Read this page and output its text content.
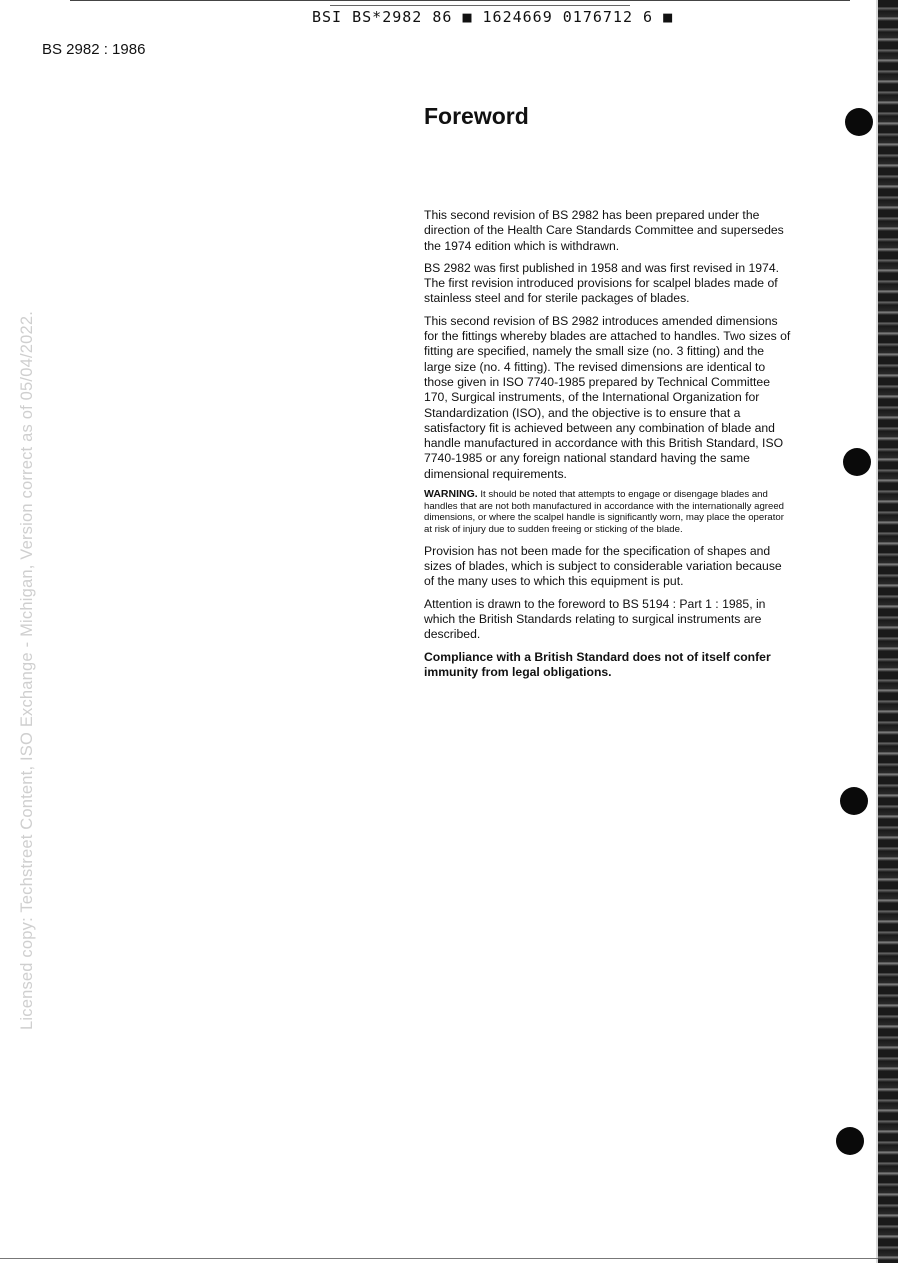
BSI BS*2982 86 ■ 1624669 0176712 6 ■
BS 2982 : 1986
Foreword

This second revision of BS 2982 has been prepared under the direction of the Health Care Standards Committee and supersedes the 1974 edition which is withdrawn.

BS 2982 was first published in 1958 and was first revised in 1974. The first revision introduced provisions for scalpel blades made of stainless steel and for sterile packages of blades.

This second revision of BS 2982 introduces amended dimensions for the fittings whereby blades are attached to handles. Two sizes of fitting are specified, namely the small size (no. 3 fitting) and the large size (no. 4 fitting). The revised dimensions are identical to those given in ISO 7740-1985 prepared by Technical Committee 170, Surgical instruments, of the International Organization for Standardization (ISO), and the objective is to ensure that a satisfactory fit is achieved between any combination of blade and handle manufactured in accordance with this British Standard, ISO 7740-1985 or any foreign national standard having the same dimensional requirements.

WARNING. It should be noted that attempts to engage or disengage blades and handles that are not both manufactured in accordance with the internationally agreed dimensions, or where the scalpel handle is significantly worn, may place the operator at risk of injury due to sudden freeing or sticking of the blade.

Provision has not been made for the specification of shapes and sizes of blades, which is subject to considerable variation because of the many uses to which this equipment is put.

Attention is drawn to the foreword to BS 5194 : Part 1 : 1985, in which the British Standards relating to surgical instruments are described.

Compliance with a British Standard does not of itself confer immunity from legal obligations.

Licensed copy: Techstreet Content, ISO Exchange - Michigan, Version correct as of 05/04/2022.
